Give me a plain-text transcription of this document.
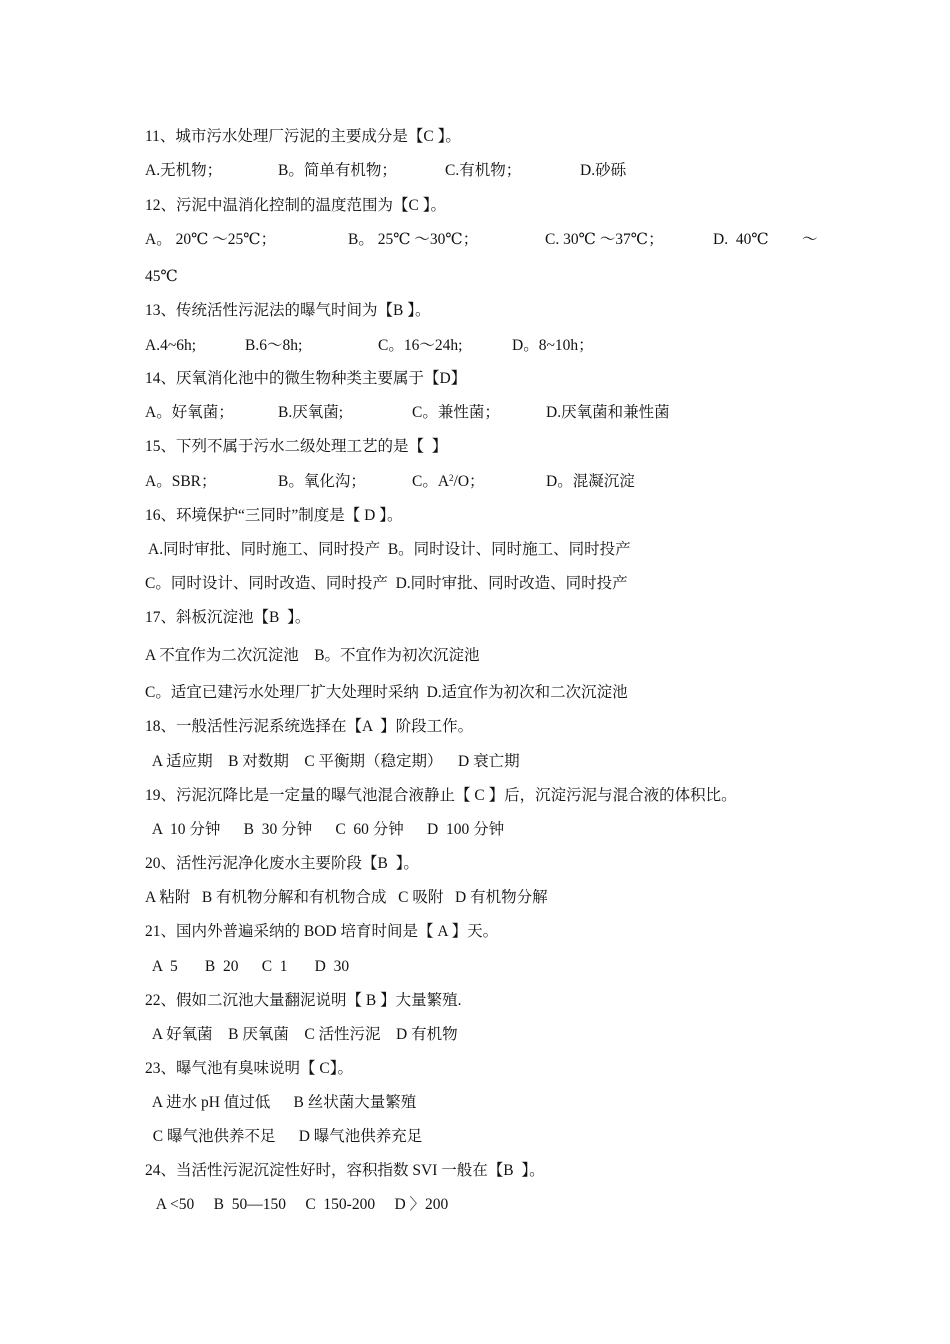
11、城市污水处理厂污泥的主要成分是【C 】。
A.无机物；	B。简单有机物；	C.有机物；	D.砂砾
12、污泥中温消化控制的温度范围为【C 】。
A。 20℃ ～25℃；	B。 25℃ ～30℃；	C. 30℃ ～37℃；	D.  40℃ ～
45℃
13、传统活性污泥法的曝气时间为【B 】。
A.4~6h;	B.6～8h;	C。16～24h;	D。8~10h；
14、厌氧消化池中的微生物种类主要属于【D】
A。好氧菌；	B.厌氧菌;	C。兼性菌；	D.厌氧菌和兼性菌
15、下列不属于污水二级处理工艺的是【  】
A。SBR；	B。氧化沟；	C。$A^2/O$；	D。混凝沉淀
16、环境保护“三同时”制度是【 D 】。
A.同时审批、同时施工、同时投产  B。同时设计、同时施工、同时投产
C。同时设计、同时改造、同时投产  D.同时审批、同时改造、同时投产
17、斜板沉淀池【B  】。
A 不宜作为二次沉淀池    B。不宜作为初次沉淀池
C。适宜已建污水处理厂扩大处理时采纳  D.适宜作为初次和二次沉淀池
18、一般活性污泥系统选择在【A  】阶段工作。
A 适应期    B 对数期    C 平衡期（稳定期）    D 衰亡期
19、污泥沉降比是一定量的曝气池混合液静止【 C 】后，沉淀污泥与混合液的体积比。
A  10 分钟      B  30 分钟      C  60 分钟      D  100 分钟
20、活性污泥净化废水主要阶段【B  】。
A 粘附   B 有机物分解和有机物合成   C 吸附   D 有机物分解
21、国内外普遍采纳的 BOD 培育时间是【 A 】天。
A  5       B  20      C  1       D  30
22、假如二沉池大量翻泥说明【 B 】大量繁殖.
A 好氧菌    B 厌氧菌    C 活性污泥    D 有机物
23、曝气池有臭味说明【 C】。
A 进水 pH 值过低      B 丝状菌大量繁殖
C 曝气池供养不足      D 曝气池供养充足
24、当活性污泥沉淀性好时，容积指数 SVI 一般在【B  】。
A <50     B  50—150     C  150-200     D 〉200
